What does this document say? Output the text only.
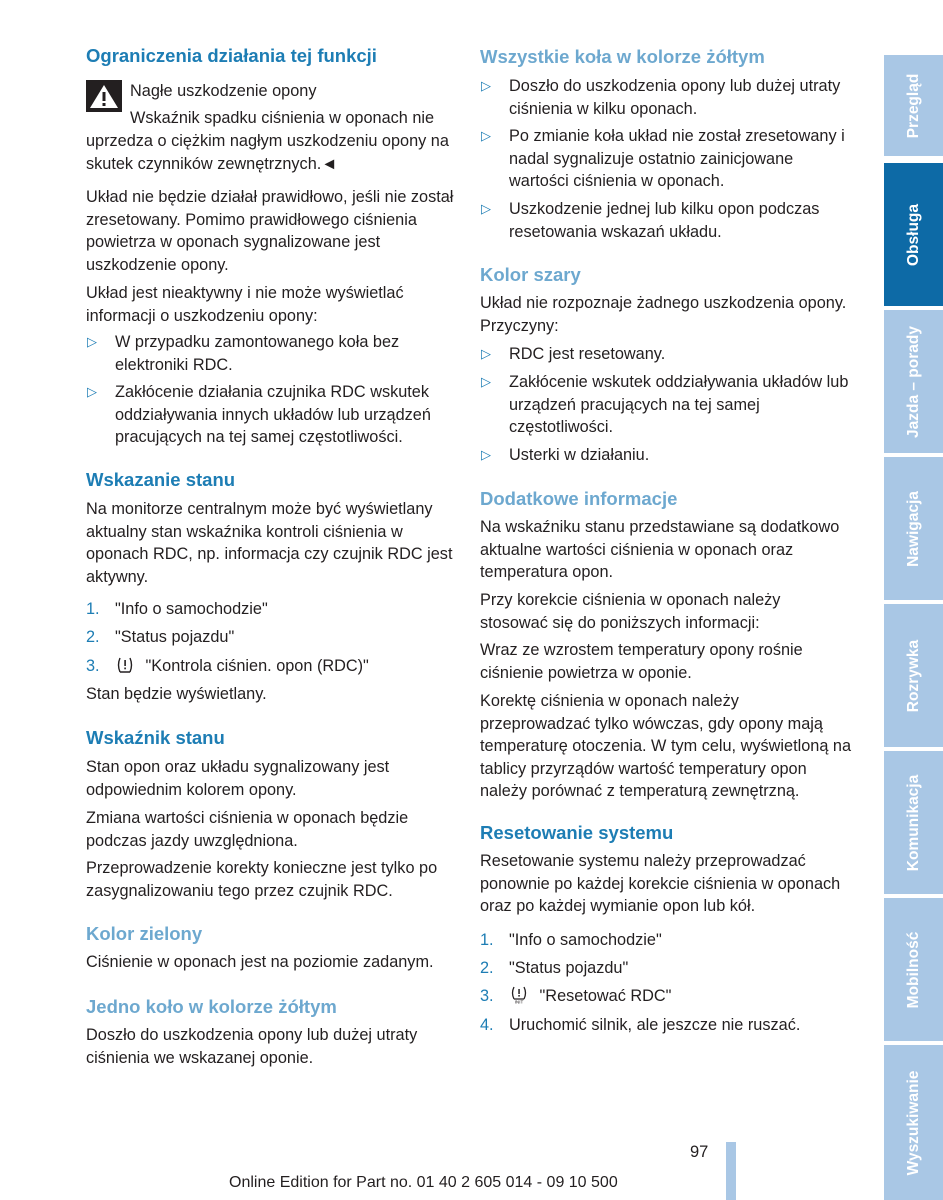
Ograniczenia działania tej funkcji

Nagłe uszkodzenie opony

Wskaźnik spadku ciśnienia w oponach nie

uprzedza o ciężkim nagłym uszkodzeniu opony na skutek czynników zewnętrznych.◄

Układ nie będzie działał prawidłowo, jeśli nie został zresetowany. Pomimo prawidłowego ciśnienia powietrza w oponach sygnalizowane jest uszkodzenie opony.

Układ jest nieaktywny i nie może wyświetlać informacji o uszkodzeniu opony:

▷ W przypadku zamontowanego koła bez elektroniki RDC.
▷ Zakłócenie działania czujnika RDC wskutek oddziaływania innych układów lub urządzeń pracujących na tej samej częstotliwości.
Wskazanie stanu

Na monitorze centralnym może być wyświetlany aktualny stan wskaźnika kontroli ciśnienia w oponach RDC, np. informacja czy czujnik RDC jest aktywny.

1. "Info o samochodzie"
2. "Status pojazdu"
3.	"Kontrola ciśnien. opon (RDC)"

Stan będzie wyświetlany.

Wskaźnik stanu

Stan opon oraz układu sygnalizowany jest odpowiednim kolorem opony.

Zmiana wartości ciśnienia w oponach będzie podczas jazdy uwzględniona.

Przeprowadzenie korekty konieczne jest tylko po zasygnalizowaniu tego przez czujnik RDC.

Kolor zielony

Ciśnienie w oponach jest na poziomie zadanym.

Jedno koło w kolorze żółtym

Doszło do uszkodzenia opony lub dużej utraty ciśnienia we wskazanej oponie.

Wszystkie koła w kolorze żółtym
▷ Doszło do uszkodzenia opony lub dużej utraty ciśnienia w kilku oponach.
▷ Po zmianie koła układ nie został zresetowany i nadal sygnalizuje ostatnio zainicjowane wartości ciśnienia w oponach.
▷ Uszkodzenie jednej lub kilku opon podczas resetowania wskazań układu.
Kolor szary

Układ nie rozpoznaje żadnego uszkodzenia opony. Przyczyny:

▷ RDC jest resetowany.
▷ Zakłócenie wskutek oddziaływania układów lub urządzeń pracujących na tej samej częstotliwości.
▷ Usterki w działaniu.
Dodatkowe informacje

Na wskaźniku stanu przedstawiane są dodatkowo aktualne wartości ciśnienia w oponach oraz temperatura opon.

Przy korekcie ciśnienia w oponach należy stosować się do poniższych informacji:

Wraz ze wzrostem temperatury opony rośnie ciśnienie powietrza w oponie.

Korektę ciśnienia w oponach należy przeprowadzać tylko wówczas, gdy opony mają temperaturę otoczenia. W tym celu, wyświetloną na tablicy przyrządów wartość temperatury opon należy porównać z temperaturą zewnętrzną.

Resetowanie systemu

Resetowanie systemu należy przeprowadzać ponownie po każdej korekcie ciśnienia w oponach oraz po każdej wymianie opon lub kół.

1. "Info o samochodzie"
2. "Status pojazdu"
3.	INIT "Resetować RDC"
4. Uruchomić silnik, ale jeszcze nie ruszać.
Przegląd
Obsługa
Jazda – porady
Nawigacja
Rozrywka
Komunikacja
Mobilność
Wyszukiwanie
97
Online Edition for Part no. 01 40 2 605 014 - 09 10 500
